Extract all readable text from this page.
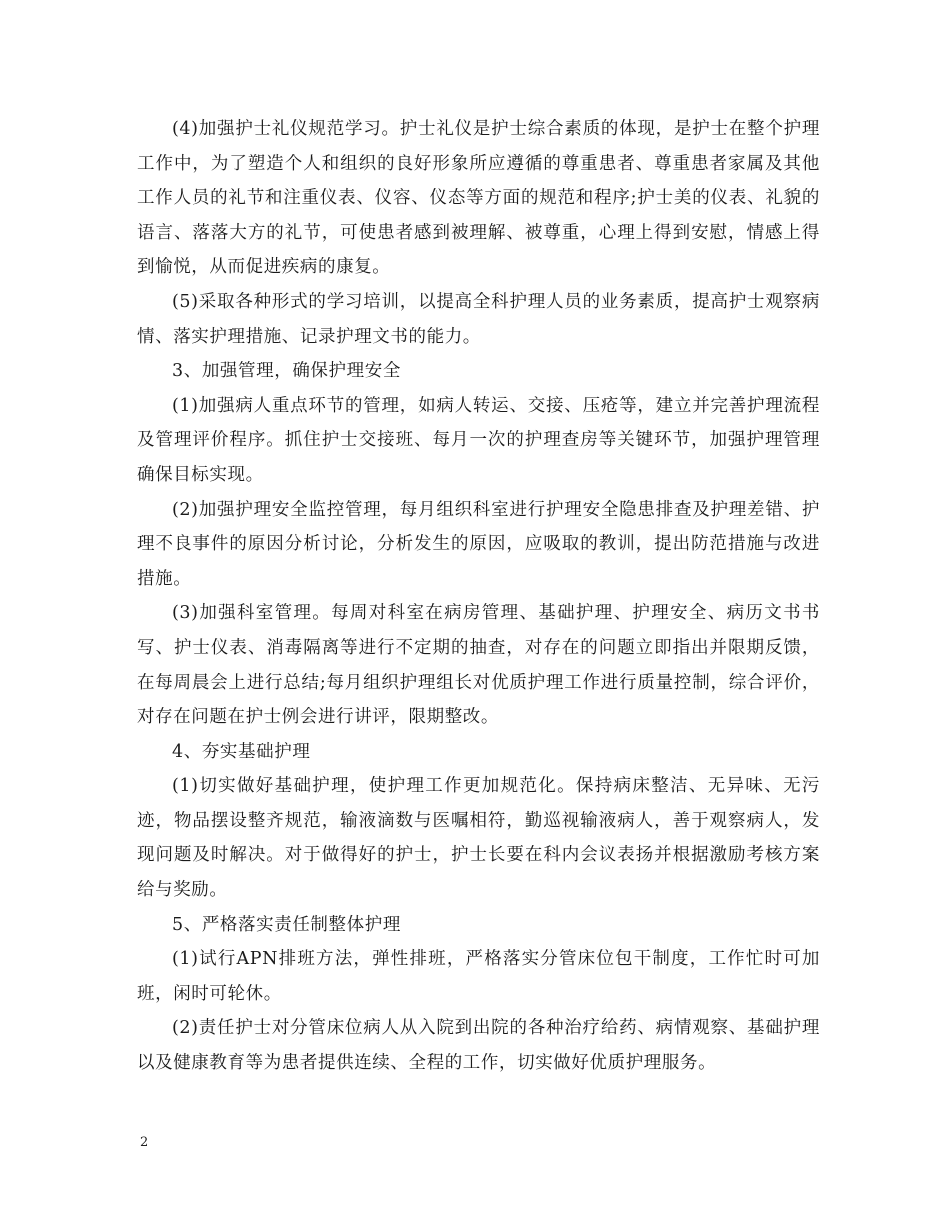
(4)加强护士礼仪规范学习。护士礼仪是护士综合素质的体现，是护士在整个护理工作中，为了塑造个人和组织的良好形象所应遵循的尊重患者、尊重患者家属及其他工作人员的礼节和注重仪表、仪容、仪态等方面的规范和程序;护士美的仪表、礼貌的语言、落落大方的礼节，可使患者感到被理解、被尊重，心理上得到安慰，情感上得到愉悦，从而促进疾病的康复。

(5)采取各种形式的学习培训，以提高全科护理人员的业务素质，提高护士观察病情、落实护理措施、记录护理文书的能力。

3、加强管理，确保护理安全

(1)加强病人重点环节的管理，如病人转运、交接、压疮等，建立并完善护理流程及管理评价程序。抓住护士交接班、每月一次的护理查房等关键环节，加强护理管理确保目标实现。

(2)加强护理安全监控管理，每月组织科室进行护理安全隐患排查及护理差错、护理不良事件的原因分析讨论，分析发生的原因，应吸取的教训，提出防范措施与改进措施。

(3)加强科室管理。每周对科室在病房管理、基础护理、护理安全、病历文书书写、护士仪表、消毒隔离等进行不定期的抽查，对存在的问题立即指出并限期反馈，在每周晨会上进行总结;每月组织护理组长对优质护理工作进行质量控制，综合评价，对存在问题在护士例会进行讲评，限期整改。

4、夯实基础护理

(1)切实做好基础护理，使护理工作更加规范化。保持病床整洁、无异味、无污迹，物品摆设整齐规范，输液滴数与医嘱相符，勤巡视输液病人，善于观察病人，发现问题及时解决。对于做得好的护士，护士长要在科内会议表扬并根据激励考核方案给与奖励。

5、严格落实责任制整体护理

(1)试行APN排班方法，弹性排班，严格落实分管床位包干制度，工作忙时可加班，闲时可轮休。

(2)责任护士对分管床位病人从入院到出院的各种治疗给药、病情观察、基础护理以及健康教育等为患者提供连续、全程的工作，切实做好优质护理服务。

2
